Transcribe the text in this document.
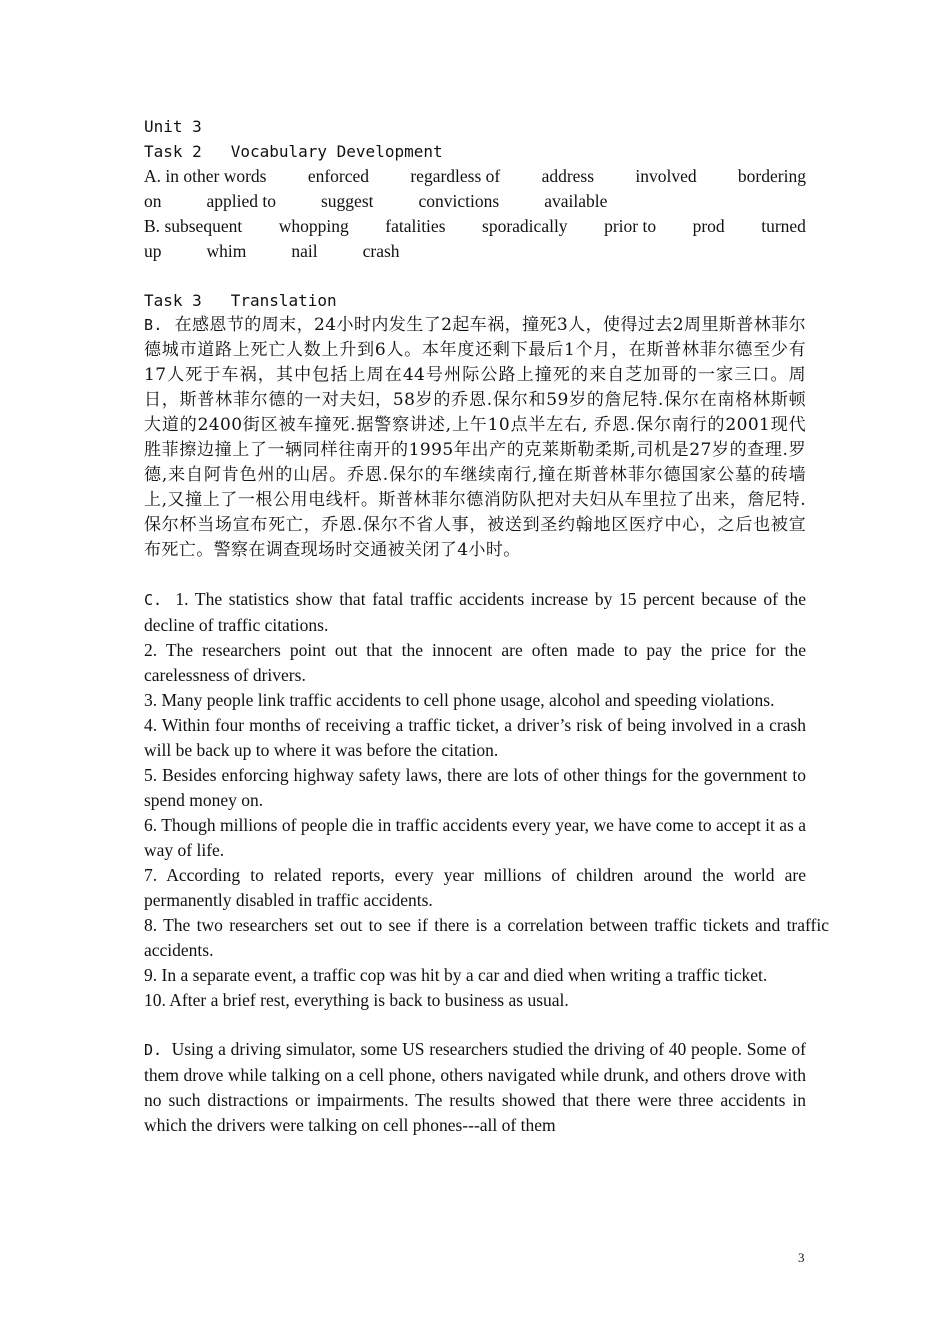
Unit 3
Task 2   Vocabulary Development
A. in other words enforced regardless of address involved bordering
on	applied to	suggest	convictions	available
B. subsequent whopping fatalities sporadically prior to prod turned
up	whim	nail	crash
Task 3   Translation
B. 在感恩节的周末，24小时内发生了2起车祸，撞死3人，使得过去2周里斯普林菲尔德城市道路上死亡人数上升到6人。本年度还剩下最后1个月，在斯普林菲尔德至少有17人死于车祸，其中包括上周在44号州际公路上撞死的来自芝加哥的一家三口。周日，斯普林菲尔德的一对夫妇，58岁的乔恩.保尔和59岁的詹尼特.保尔在南格林斯顿大道的2400街区被车撞死.据警察讲述,上午10点半左右, 乔恩.保尔南行的2001现代胜菲擦边撞上了一辆同样往南开的1995年出产的克莱斯勒柔斯,司机是27岁的查理.罗德,来自阿肯色州的山居。乔恩.保尔的车继续南行,撞在斯普林菲尔德国家公墓的砖墙上,又撞上了一根公用电线杆。斯普林菲尔德消防队把对夫妇从车里拉了出来，詹尼特.保尔杯当场宣布死亡，乔恩.保尔不省人事，被送到圣约翰地区医疗中心，之后也被宣布死亡。警察在调查现场时交通被关闭了4小时。
C. 1. The statistics show that fatal traffic accidents increase by 15 percent because of the decline of traffic citations.
2. The researchers point out that the innocent are often made to pay the price for the carelessness of drivers.
3. Many people link traffic accidents to cell phone usage, alcohol and speeding violations.
4. Within four months of receiving a traffic ticket, a driver’s risk of being involved in a crash will be back up to where it was before the citation.
5. Besides enforcing highway safety laws, there are lots of other things for the government to spend money on.
6. Though millions of people die in traffic accidents every year, we have come to accept it as a way of life.
7. According to related reports, every year millions of children around the world are permanently disabled in traffic accidents.
8. The two researchers set out to see if there is a correlation between traffic tickets and traffic accidents.
9. In a separate event, a traffic cop was hit by a car and died when writing a traffic ticket.
10. After a brief rest, everything is back to business as usual.
D. Using a driving simulator, some US researchers studied the driving of 40 people. Some of them drove while talking on a cell phone, others navigated while drunk, and others drove with no such distractions or impairments. The results showed that there were three accidents in which the drivers were talking on cell phones---all of them
3
